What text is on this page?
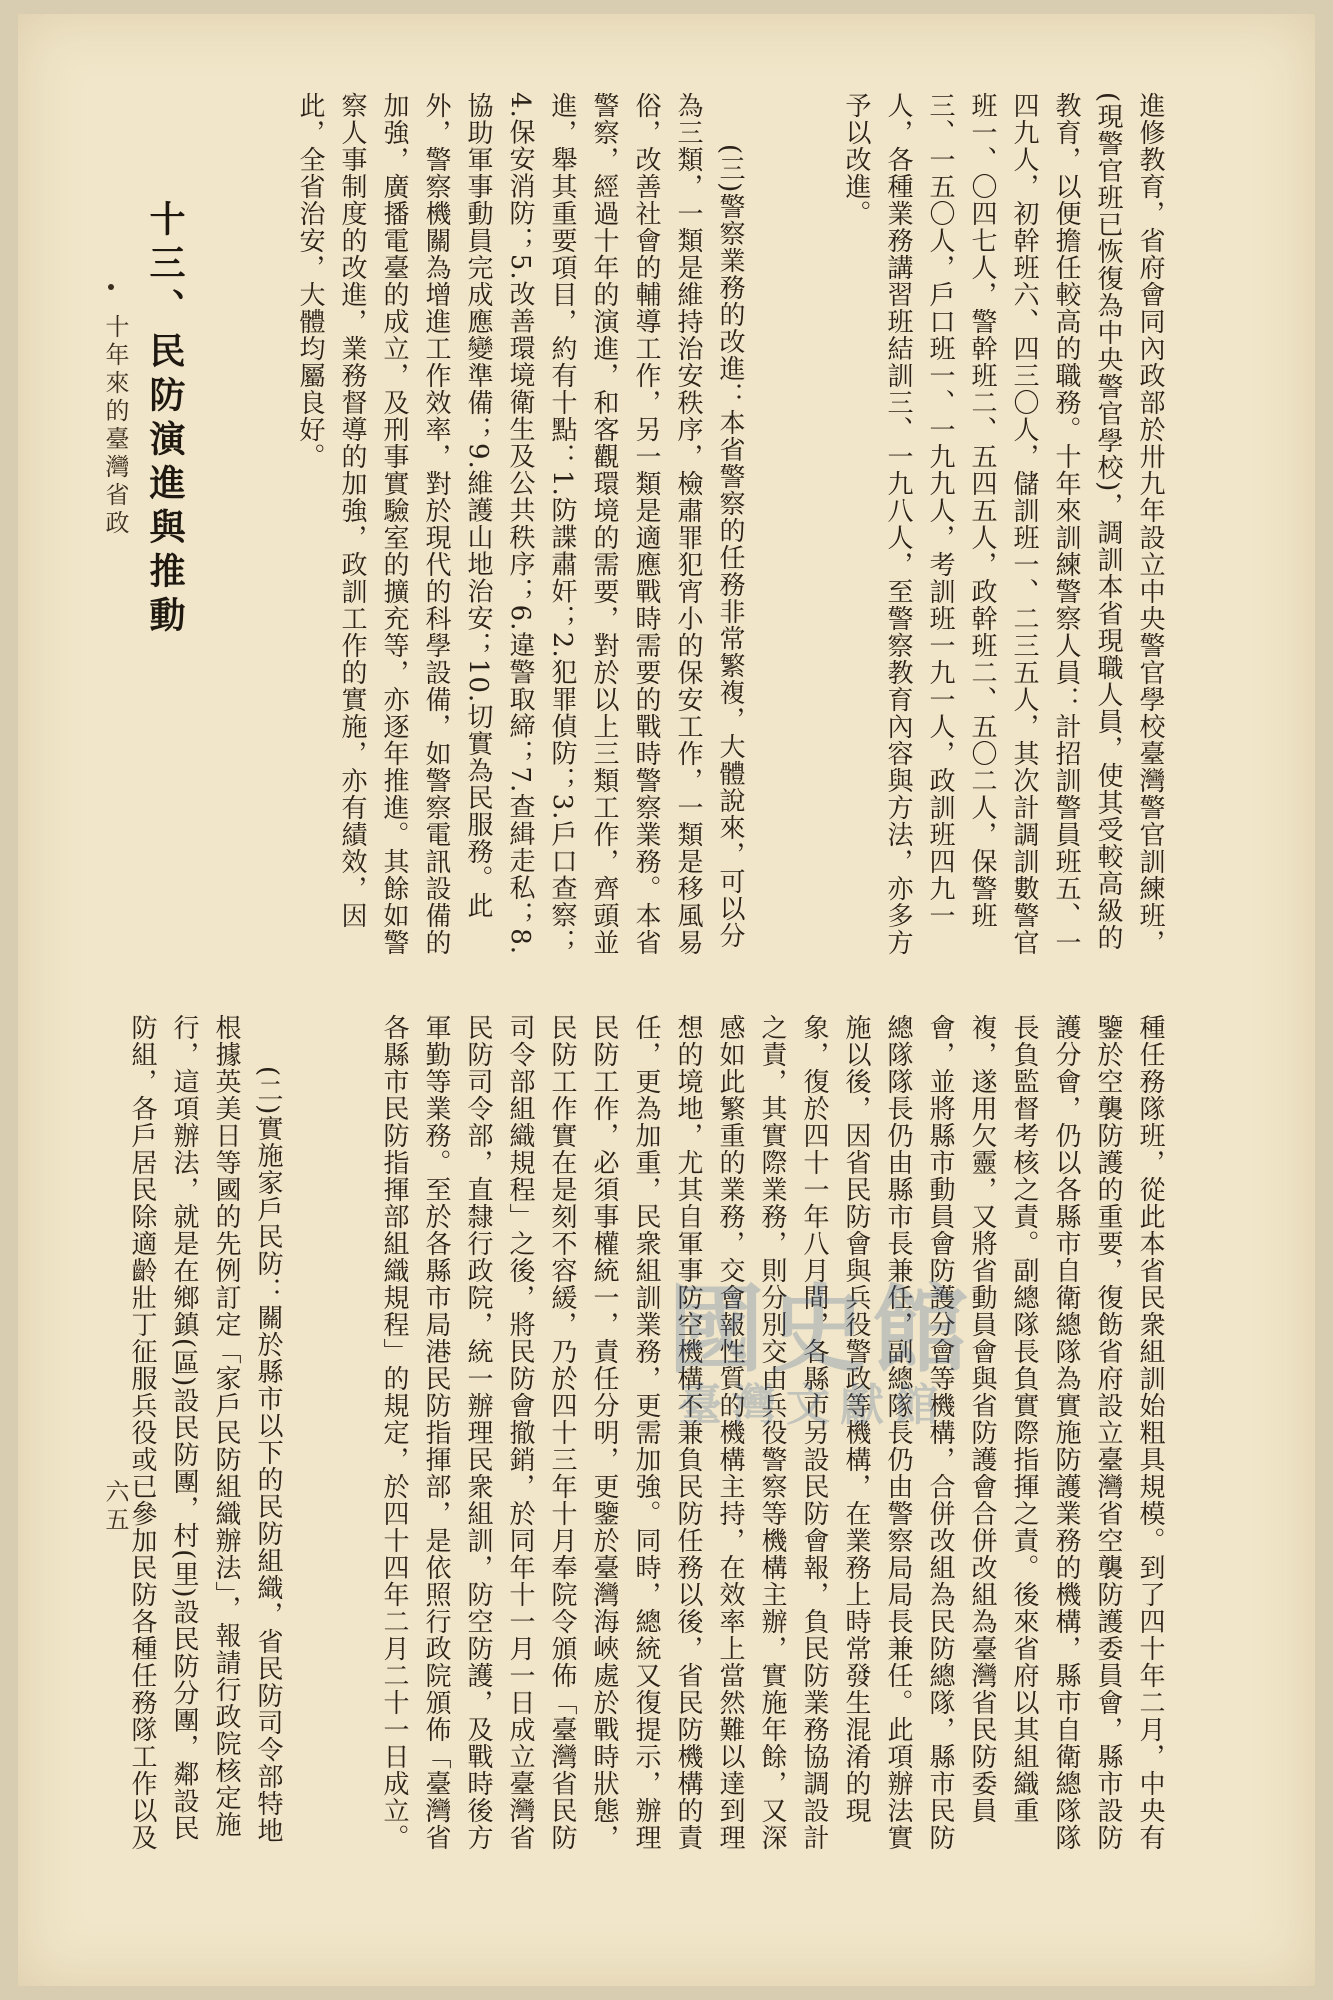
進修教育，省府會同內政部於卅九年設立中央警官學校臺灣警官訓練班，(現警官班已恢復為中央警官學校)，調訓本省現職人員，使其受較高級的教育，以便擔任較高的職務。十年來訓練警察人員：計招訓警員班五、一四九人，初幹班六、四三〇人，儲訓班一、二三五人，其次計調訓數警官班一、〇四七人，警幹班二、五四五人，政幹班二、五〇二人，保警班三、一五〇人，戶口班一、一九九人，考訓班一九一人，政訓班四九一人，各種業務講習班結訓三、一九八人，至警察教育內容與方法，亦多方予以改進。

(三)警察業務的改進：本省警察的任務非常繁複，大體說來，可以分為三類，一類是維持治安秩序，檢肅罪犯宵小的保安工作，一類是移風易俗，改善社會的輔導工作，另一類是適應戰時需要的戰時警察業務。本省警察，經過十年的演進，和客觀環境的需要，對於以上三類工作，齊頭並進，舉其重要項目，約有十點：1.防諜肅奸；2.犯罪偵防；3.戶口查察；4.保安消防；5.改善環境衛生及公共秩序；6.違警取締；7.查緝走私；8.協助軍事動員完成應變準備；9.維護山地治安；10.切實為民服務。此外，警察機關為增進工作效率，對於現代的科學設備，如警察電訊設備的加強，廣播電臺的成立，及刑事實驗室的擴充等，亦逐年推進。其餘如警察人事制度的改進，業務督導的加強，政訓工作的實施，亦有績效，因此，全省治安，大體均屬良好。

十三、民防演進與推動

種任務隊班，從此本省民衆組訓始粗具規模。到了四十年二月，中央有鑒於空襲防護的重要，復飭省府設立臺灣省空襲防護委員會，縣市設防護分會，仍以各縣市自衛總隊為實施防護業務的機構，縣市自衛總隊隊長負監督考核之責。副總隊長負實際指揮之責。後來省府以其組織重複，遂用欠靈，又將省動員會與省防護會合併改組為臺灣省民防委員會，並將縣市動員會防護分會等機構，合併改組為民防總隊，縣市民防總隊隊長仍由縣市長兼任，副總隊長仍由警察局局長兼任。此項辦法實施以後，因省民防會與兵役警政等機構，在業務上時常發生混淆的現象，復於四十一年八月間，各縣市另設民防會報，負民防業務協調設計之責，其實際業務，則分別交由兵役警察等機構主辦，實施年餘，又深感如此繁重的業務，交會報性質的機構主持，在效率上當然難以達到理想的境地，尤其自軍事防空機構不兼負民防任務以後，省民防機構的責任，更為加重，民衆組訓業務，更需加強。同時，總統又復提示，辦理民防工作，必須事權統一，責任分明，更鑒於臺灣海峽處於戰時狀態，民防工作實在是刻不容緩，乃於四十三年十月奉院令頒佈「臺灣省民防司令部組織規程」之後，將民防會撤銷，於同年十一月一日成立臺灣省民防司令部，直隸行政院，統一辦理民衆組訓，防空防護，及戰時後方軍勤等業務。至於各縣市局港民防指揮部，是依照行政院頒佈「臺灣省各縣市民防指揮部組織規程」的規定，於四十四年二月二十一日成立。

(二)實施家戶民防：關於縣市以下的民防組織，省民防司令部特地根據英美日等國的先例訂定「家戶民防組織辦法」，報請行政院核定施行，這項辦法，就是在鄉鎮(區)設民防團，村(里)設民防分團，鄰設民防組，各戶居民除適齡壯丁征服兵役或已參加民防各種任務隊工作以及

十年來的臺灣省政
六五
國史館
臺灣文獻館
